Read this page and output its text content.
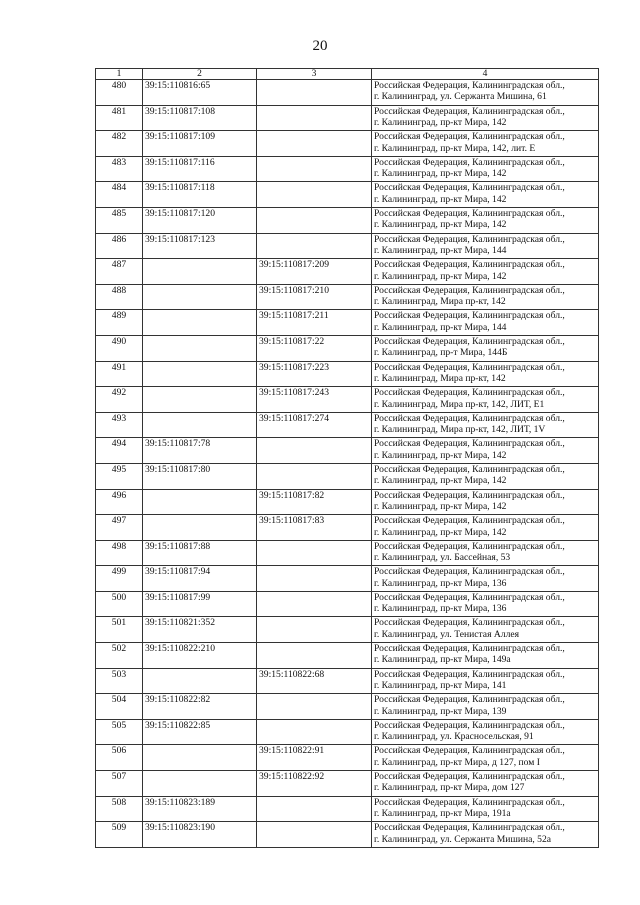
20
1	2	3	4
480	39:15:110816:65		Российская Федерация, Калининградская обл.,
г. Калининград, ул. Сержанта Мишина, 61

481	39:15:110817:108		Российская Федерация, Калининградская обл.,
г. Калининград, пр-кт Мира, 142

482	39:15:110817:109		Российская Федерация, Калининградская обл.,
г. Калининград, пр-кт Мира, 142, лит. Е

483	39:15:110817:116		Российская Федерация, Калининградская обл.,
г. Калининград, пр-кт Мира, 142

484	39:15:110817:118		Российская Федерация, Калининградская обл.,
г. Калининград, пр-кт Мира, 142

485	39:15:110817:120		Российская Федерация, Калининградская обл.,
г. Калининград, пр-кт Мира, 142

486	39:15:110817:123		Российская Федерация, Калининградская обл.,
г. Калининград, пр-кт Мира, 144

487		39:15:110817:209	Российская Федерация, Калининградская обл.,
г. Калининград, пр-кт Мира, 142

488		39:15:110817:210	Российская Федерация, Калининградская обл.,
г. Калининград, Мира пр-кт, 142

489		39:15:110817:211	Российская Федерация, Калининградская обл.,
г. Калининград, пр-кт Мира, 144

490		39:15:110817:22	Российская Федерация, Калининградская обл.,
г. Калининград, пр-т Мира, 144Б

491		39:15:110817:223	Российская Федерация, Калининградская обл.,
г. Калининград, Мира пр-кт, 142

492		39:15:110817:243	Российская Федерация, Калининградская обл.,
г. Калининград, Мира пр-кт, 142, ЛИТ, Е1

493		39:15:110817:274	Российская Федерация, Калининградская обл.,
г. Калининград, Мира пр-кт, 142, ЛИТ, 1V

494	39:15:110817:78		Российская Федерация, Калининградская обл.,
г. Калининград, пр-кт Мира, 142

495	39:15:110817:80		Российская Федерация, Калининградская обл.,
г. Калининград, пр-кт Мира, 142

496		39:15:110817:82	Российская Федерация, Калининградская обл.,
г. Калининград, пр-кт Мира, 142

497		39:15:110817:83	Российская Федерация, Калининградская обл.,
г. Калининград, пр-кт Мира, 142

498	39:15:110817:88		Российская Федерация, Калининградская обл.,
г. Калининград, ул. Бассейная, 53

499	39:15:110817:94		Российская Федерация, Калининградская обл.,
г. Калининград, пр-кт Мира, 136

500	39:15:110817:99		Российская Федерация, Калининградская обл.,
г. Калининград, пр-кт Мира, 136

501	39:15:110821:352		Российская Федерация, Калининградская обл.,
г. Калининград, ул. Тенистая Аллея

502	39:15:110822:210		Российская Федерация, Калининградская обл.,
г. Калининград, пр-кт Мира, 149а

503		39:15:110822:68	Российская Федерация, Калининградская обл.,
г. Калининград, пр-кт Мира, 141

504	39:15:110822:82		Российская Федерация, Калининградская обл.,
г. Калининград, пр-кт Мира, 139

505	39:15:110822:85		Российская Федерация, Калининградская обл.,
г. Калининград, ул. Красносельская, 91

506		39:15:110822:91	Российская Федерация, Калининградская обл.,
г. Калининград, пр-кт Мира, д 127, пом I

507		39:15:110822:92	Российская Федерация, Калининградская обл.,
г. Калининград, пр-кт Мира, дом 127

508	39:15:110823:189		Российская Федерация, Калининградская обл.,
г. Калининград, пр-кт Мира, 191а

509	39:15:110823:190		Российская Федерация, Калининградская обл.,
г. Калининград, ул. Сержанта Мишина, 52а
